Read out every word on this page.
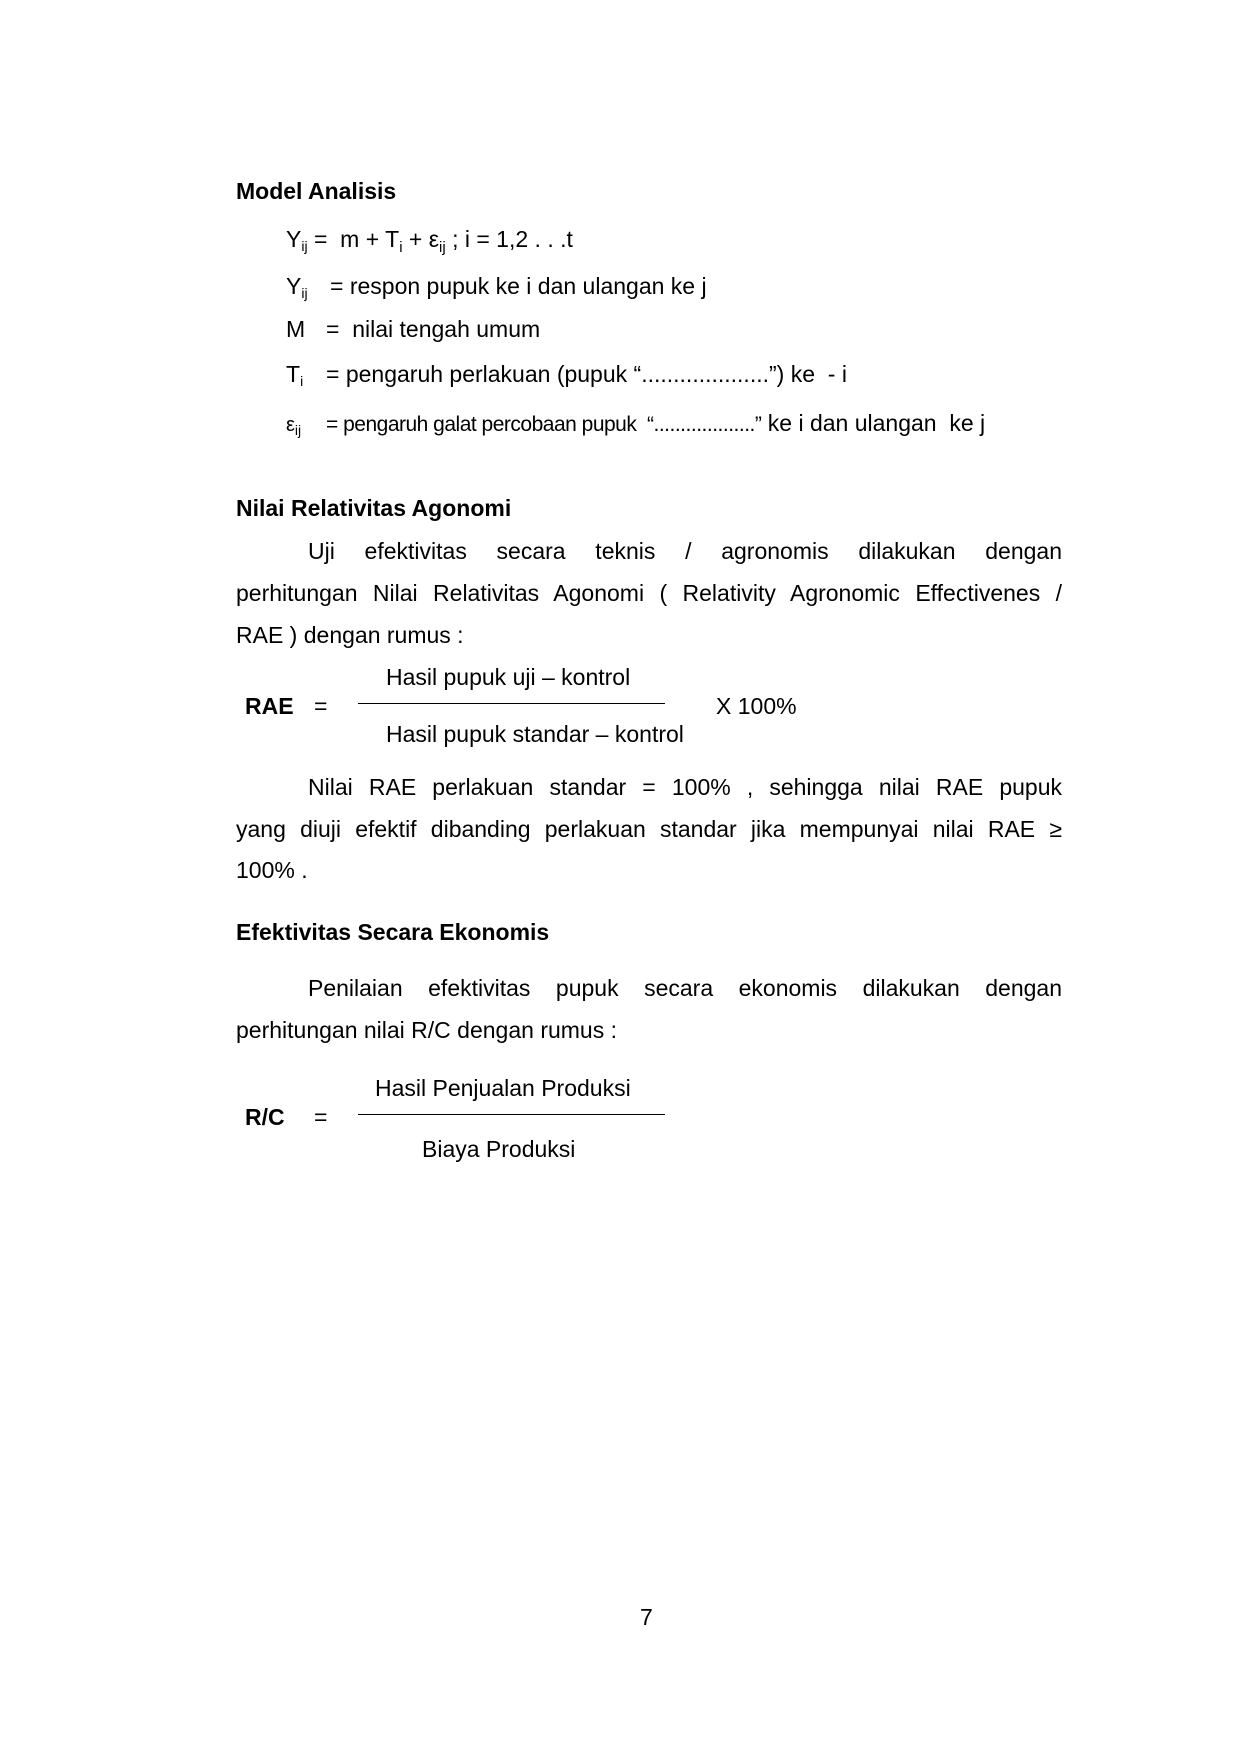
Model Analisis
Yij =  $m + T_i + \varepsilon_{ij}$ ; i = 1,2 . . .t
Yij = respon pupuk ke i dan ulangan ke j
M =  nilai tengah umum
Ti = pengaruh perlakuan (pupuk “....................”) ke  - i
εij = pengaruh galat percobaan pupuk  “...................” ke i dan ulangan  ke j
Nilai Relativitas Agonomi
Uji efektivitas secara teknis / agronomis dilakukan dengan
perhitungan Nilai Relativitas Agonomi ( Relativity Agronomic Effectivenes /
RAE ) dengan rumus :
Hasil pupuk uji – kontrol
RAE =	X 100%
Hasil pupuk standar – kontrol
Nilai RAE perlakuan standar = 100% , sehingga nilai RAE pupuk
yang diuji efektif dibanding perlakuan standar jika mempunyai nilai RAE ≥
100% .
Efektivitas Secara Ekonomis
Penilaian efektivitas pupuk secara ekonomis dilakukan dengan
perhitungan nilai R/C dengan rumus :
Hasil Penjualan Produksi
R/C =
Biaya Produksi
7
